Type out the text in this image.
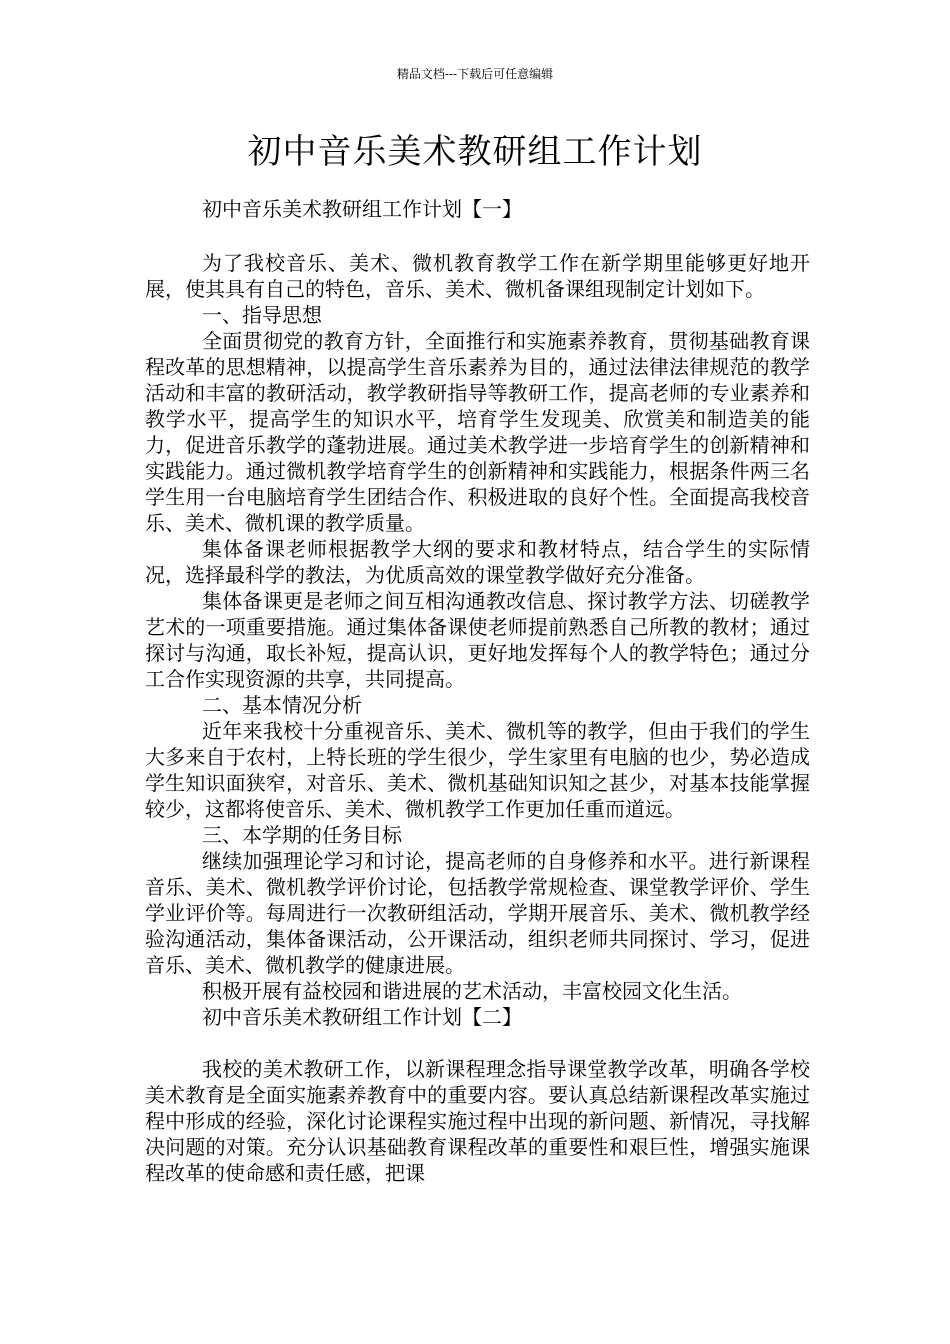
精品文档---下载后可任意编辑
初中音乐美术教研组工作计划

初中音乐美术教研组工作计划【一】

为了我校音乐、美术、微机教育教学工作在新学期里能够更好地开展，使其具有自己的特色，音乐、美术、微机备课组现制定计划如下。

一、指导思想

全面贯彻党的教育方针，全面推行和实施素养教育，贯彻基础教育课程改革的思想精神，以提高学生音乐素养为目的，通过法律法律规范的教学活动和丰富的教研活动，教学教研指导等教研工作，提高老师的专业素养和教学水平，提高学生的知识水平，培育学生发现美、欣赏美和制造美的能力，促进音乐教学的蓬勃进展。通过美术教学进一步培育学生的创新精神和实践能力。通过微机教学培育学生的创新精神和实践能力，根据条件两三名学生用一台电脑培育学生团结合作、积极进取的良好个性。全面提高我校音乐、美术、微机课的教学质量。

集体备课老师根据教学大纲的要求和教材特点，结合学生的实际情况，选择最科学的教法，为优质高效的课堂教学做好充分准备。

集体备课更是老师之间互相沟通教改信息、探讨教学方法、切磋教学艺术的一项重要措施。通过集体备课使老师提前熟悉自己所教的教材；通过探讨与沟通，取长补短，提高认识，更好地发挥每个人的教学特色；通过分工合作实现资源的共享，共同提高。

二、基本情况分析

近年来我校十分重视音乐、美术、微机等的教学，但由于我们的学生大多来自于农村，上特长班的学生很少，学生家里有电脑的也少，势必造成学生知识面狭窄，对音乐、美术、微机基础知识知之甚少，对基本技能掌握较少，这都将使音乐、美术、微机教学工作更加任重而道远。

三、本学期的任务目标

继续加强理论学习和讨论，提高老师的自身修养和水平。进行新课程音乐、美术、微机教学评价讨论，包括教学常规检查、课堂教学评价、学生学业评价等。每周进行一次教研组活动，学期开展音乐、美术、微机教学经验沟通活动，集体备课活动，公开课活动，组织老师共同探讨、学习，促进音乐、美术、微机教学的健康进展。

积极开展有益校园和谐进展的艺术活动，丰富校园文化生活。

初中音乐美术教研组工作计划【二】

我校的美术教研工作，以新课程理念指导课堂教学改革，明确各学校美术教育是全面实施素养教育中的重要内容。要认真总结新课程改革实施过程中形成的经验，深化讨论课程实施过程中出现的新问题、新情况，寻找解决问题的对策。充分认识基础教育课程改革的重要性和艰巨性，增强实施课程改革的使命感和责任感，把课
